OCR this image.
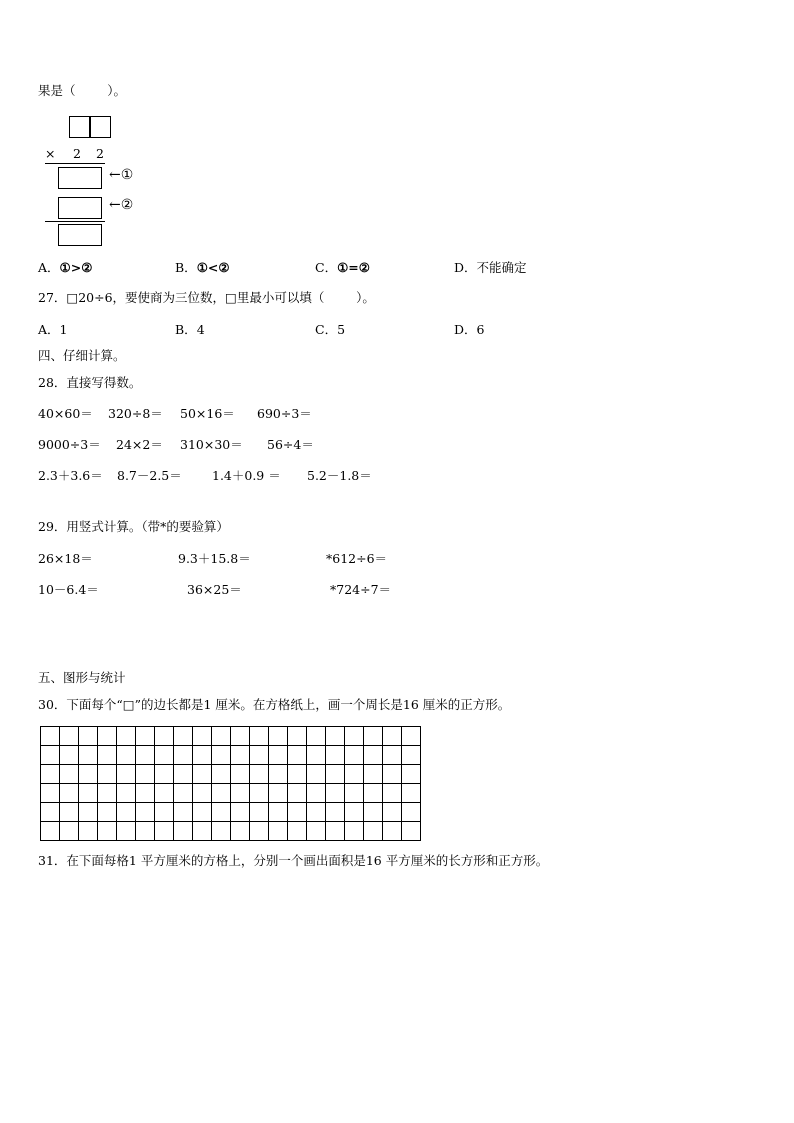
果是（        ）。
× 2 2
←①
←②
A．①>②	B．①<②	C．①=②	D．不能确定
27．□20÷6，要使商为三位数，□里最小可以填（        ）。
A．1	B．4	C．5	D．6
四、仔细计算。
28．直接写得数。
40×60＝ 320÷8＝ 50×16＝ 690÷3＝
9000÷3＝ 24×2＝ 310×30＝ 56÷4＝
2.3＋3.6＝ 8.7－2.5＝ 1.4＋0.9 ＝ 5.2－1.8＝
29．用竖式计算。（带*的要验算）
26×18＝	9.3＋15.8＝	*612÷6＝
10－6.4＝	36×25＝	*724÷7＝
五、图形与统计
30．下面每个“□”的边长都是1 厘米。在方格纸上，画一个周长是16 厘米的正方形。

31．在下面每格1 平方厘米的方格上，分别一个画出面积是16 平方厘米的长方形和正方形。
